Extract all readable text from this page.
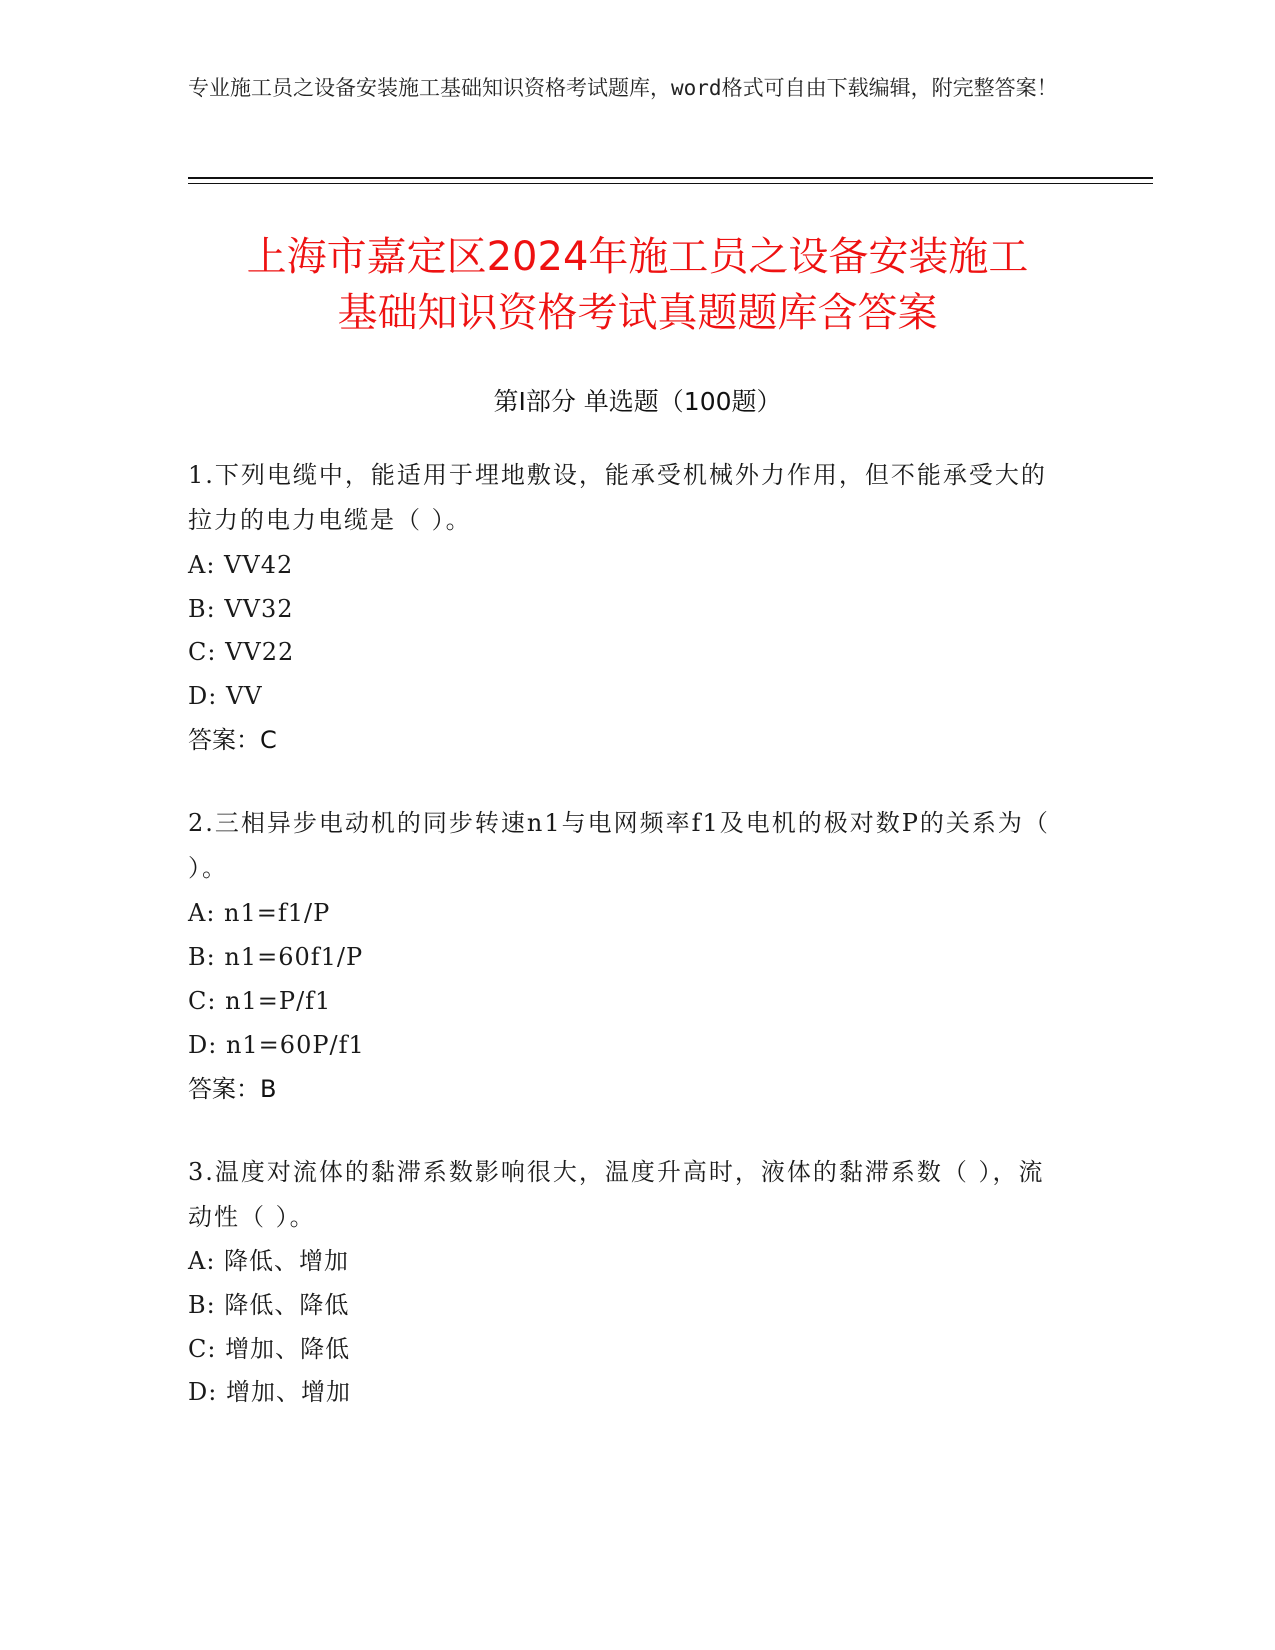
专业施工员之设备安装施工基础知识资格考试题库，word格式可自由下载编辑，附完整答案！
上海市嘉定区2024年施工员之设备安装施工
基础知识资格考试真题题库含答案
第I部分 单选题（100题）
1.下列电缆中，能适用于埋地敷设，能承受机械外力作用，但不能承受大的拉力的电力电缆是（ ）。
A: VV42
B: VV32
C: VV22
D: VV
答案：C
2.三相异步电动机的同步转速n1与电网频率f1及电机的极对数P的关系为（ ）。
A: n1=f1/P
B: n1=60f1/P
C: n1=P/f1
D: n1=60P/f1
答案：B
3.温度对流体的黏滞系数影响很大，温度升高时，液体的黏滞系数（ ），流动性（ ）。
A: 降低、增加
B: 降低、降低
C: 增加、降低
D: 增加、增加
